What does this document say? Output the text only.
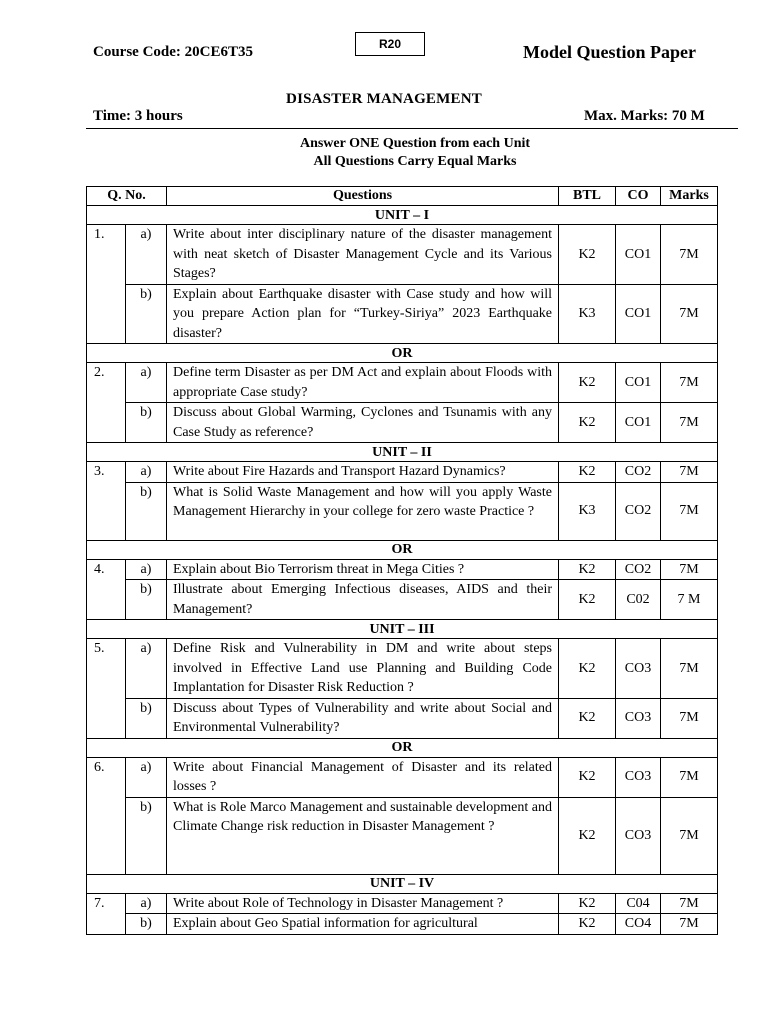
Course Code: 20CE6T35	R20	Model Question Paper
DISASTER MANAGEMENT
Time: 3 hours	Max. Marks: 70 M
Answer ONE Question from each Unit
All Questions Carry Equal Marks
Q. No.		Questions	BTL	CO	Marks
UNIT – I					
1.	a)	Write about inter disciplinary nature of the disaster management with neat sketch of Disaster Management Cycle and its Various Stages?	K2	CO1	7M
	b)	Explain about Earthquake disaster with Case study and how will you prepare Action plan for “Turkey-Siriya” 2023 Earthquake disaster?	K3	CO1	7M
OR					
2.	a)	Define term Disaster as per DM Act and explain about Floods with appropriate Case study?	K2	CO1	7M
	b)	Discuss about Global Warming, Cyclones and Tsunamis with any Case Study as reference?	K2	CO1	7M
UNIT – II					
3.	a)	Write about Fire Hazards and Transport Hazard Dynamics?	K2	CO2	7M
	b)	What is Solid Waste Management and how will you apply Waste Management Hierarchy in your college for zero waste Practice ?	K3	CO2	7M
OR					
4.	a)	Explain about Bio Terrorism threat in Mega Cities ?	K2	CO2	7M
	b)	Illustrate about Emerging Infectious diseases, AIDS and their Management?	K2	C02	7 M
UNIT – III					
5.	a)	Define Risk and Vulnerability in DM and write about steps involved in Effective Land use Planning and Building Code Implantation for Disaster Risk Reduction ?	K2	CO3	7M
	b)	Discuss about Types of Vulnerability and write about Social and Environmental Vulnerability?	K2	CO3	7M
OR					
6.	a)	Write about Financial Management of Disaster and its related losses ?	K2	CO3	7M
	b)	What is Role Marco Management and sustainable development and Climate Change risk reduction in Disaster Management ?	K2	CO3	7M
UNIT – IV					
7.	a)	Write about Role of Technology in Disaster Management ?	K2	C04	7M
	b)	Explain about Geo Spatial information for agricultural	K2	CO4	7M
